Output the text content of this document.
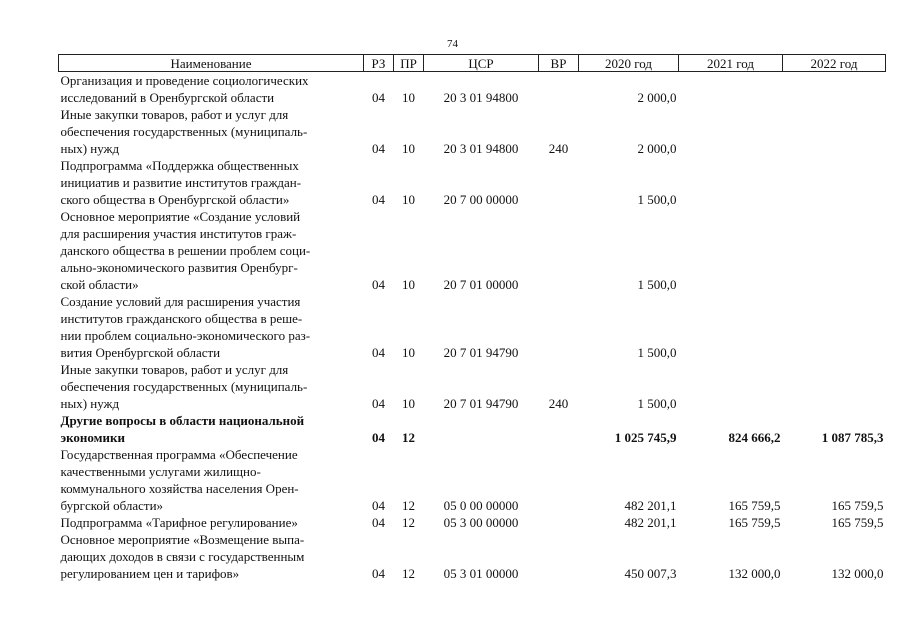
74
Наименование	РЗ	ПР	ЦСР	ВР	2020 год	2021 год	2022 год

Организация и проведение социологических
исследований в Оренбургской области	04	10	20 3 01 94800		2 000,0		

Иные закупки товаров, работ и услуг для
обеспечения государственных (муниципаль-
ных) нужд	04	10	20 3 01 94800	240	2 000,0		

Подпрограмма «Поддержка общественных
инициатив и развитие институтов граждан-
ского общества в Оренбургской области»	04	10	20 7 00 00000		1 500,0		

Основное мероприятие «Создание условий
для расширения участия институтов граж-
данского общества в решении проблем соци-
ально-экономического развития Оренбург-
ской области»	04	10	20 7 01 00000		1 500,0		

Создание условий для расширения участия
институтов гражданского общества в реше-
нии проблем социально-экономического раз-
вития Оренбургской области	04	10	20 7 01 94790		1 500,0		

Иные закупки товаров, работ и услуг для
обеспечения государственных (муниципаль-
ных) нужд	04	10	20 7 01 94790	240	1 500,0		

Другие вопросы в области национальной
экономики	04	12			1 025 745,9	824 666,2	1 087 785,3

Государственная программа «Обеспечение
качественными услугами жилищно-
коммунального хозяйства населения Орен-
бургской области»	04	12	05 0 00 00000		482 201,1	165 759,5	165 759,5

Подпрограмма «Тарифное регулирование»	04	12	05 3 00 00000		482 201,1	165 759,5	165 759,5

Основное мероприятие «Возмещение выпа-
дающих доходов в связи с государственным
регулированием цен и тарифов»	04	12	05 3 01 00000		450 007,3	132 000,0	132 000,0
